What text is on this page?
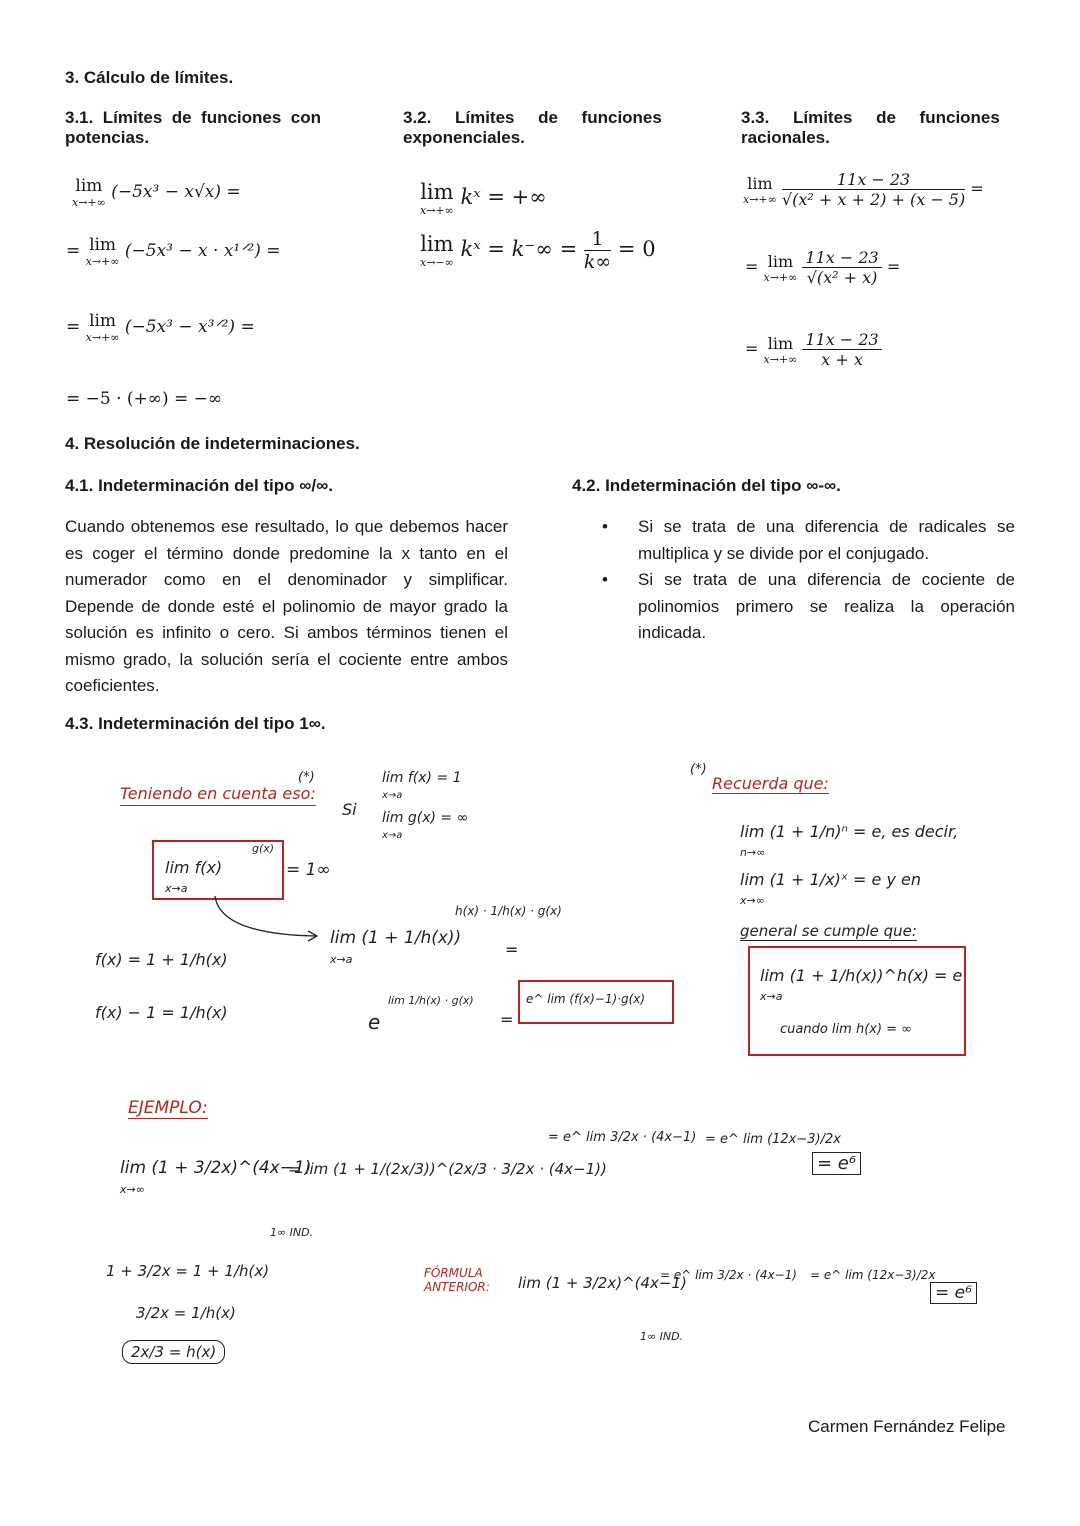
3. Cálculo de límites.
3.1.  Límites  de  funciones  con
potencias.
3.2.     Límites     de     funciones
exponenciales.
3.3.     Límites     de     funciones
racionales.
lim
x→+∞
(−5x³ − x√x) =
= lim
x→+∞
(−5x³ − x · x¹ᐟ²) =
= lim
x→+∞
(−5x³ − x³ᐟ²) =
= −5 · (+∞) = −∞
lim
x→+∞
kˣ = +∞
lim
x→−∞
kˣ = $k^-\infty = \frac{1}{k\infty} = 0$
lim
x→+∞
$\frac{11x - 23}{\text{√(x² + x + 2) + (x − 5)}}$ =
= lim
x→+∞
$\frac{11x - 23}{\text{√(x² + x)}}$ =
= lim
x→+∞
$\frac{11x - 23}{x + x}$
4. Resolución de indeterminaciones.
4.1. Indeterminación del tipo ∞/∞.	4.2. Indeterminación del tipo ∞-∞.
Cuando obtenemos ese resultado, lo que debemos hacer es coger el término donde predomine la x tanto en el numerador como en el denominador y simplificar. Depende de donde esté el polinomio de mayor grado la solución es infinito o cero. Si ambos términos tienen el mismo grado, la solución sería el cociente entre ambos coeficientes.
• Si se trata de una diferencia de radicales se multiplica y se divide por el conjugado.
• Si se trata de una diferencia de cociente de polinomios primero se realiza la operación indicada.
4.3. Indeterminación del tipo 1∞.
Teniendo en cuenta eso:
(*)
Si
lim f(x) = 1
x→a
lim g(x) = ∞
x→a
lim f(x)
x→a
g(x)
= 1∞
f(x) = 1 + 1/h(x)
f(x) − 1 = 1/h(x)
lim (1 + 1/h(x))
x→a
h(x) · 1/h(x) · g(x)
=
e
lim 1/h(x) · g(x)
=
e^ lim (f(x)−1)·g(x)
(*)
Recuerda que:
lim (1 + 1/n)ⁿ = e, es decir,
n→∞
lim (1 + 1/x)ˣ = e y en
x→∞
general se cumple que:
lim (1 + 1/h(x))^h(x) = e
x→a
cuando lim h(x) = ∞
EJEMPLO:
lim (1 + 3/2x)^(4x−1)
x→∞
= lim (1 + 1/(2x/3))^(2x/3 · 3/2x · (4x−1))
= e^ lim 3/2x · (4x−1) = e^ lim (12x−3)/2x
= e⁶
1∞ IND.
1 + 3/2x = 1 + 1/h(x)
3/2x = 1/h(x)
2x/3 = h(x)
FÓRMULA
ANTERIOR: lim (1 + 3/2x)^(4x−1)
= e^ lim 3/2x · (4x−1) = e^ lim (12x−3)/2x
= e⁶
1∞ IND.
Carmen Fernández Felipe
